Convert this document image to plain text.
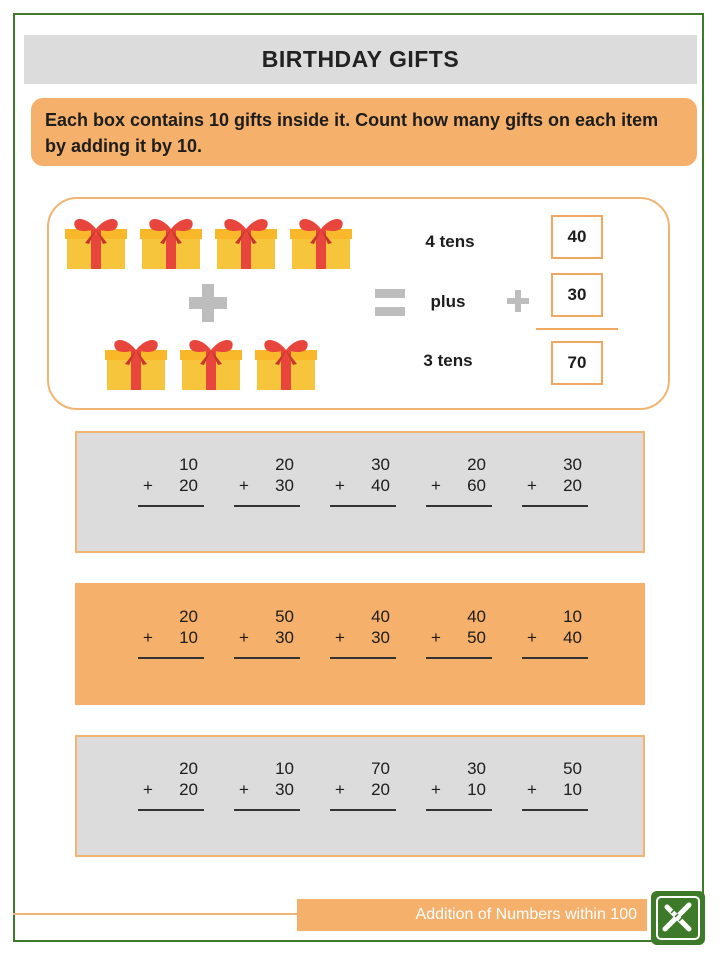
BIRTHDAY GIFTS
Each box contains 10 gifts inside it. Count how many gifts on each item by adding it by 10.
4 tens
plus
3 tens
40
30
70
10
+ 20
20
+ 30
30
+ 40
20
+ 60
30
+ 20
20
+ 10
50
+ 30
40
+ 30
40
+ 50
10
+ 40
20
+ 20
10
+ 30
70
+ 20
30
+ 10
50
+ 10
Addition of Numbers within 100
